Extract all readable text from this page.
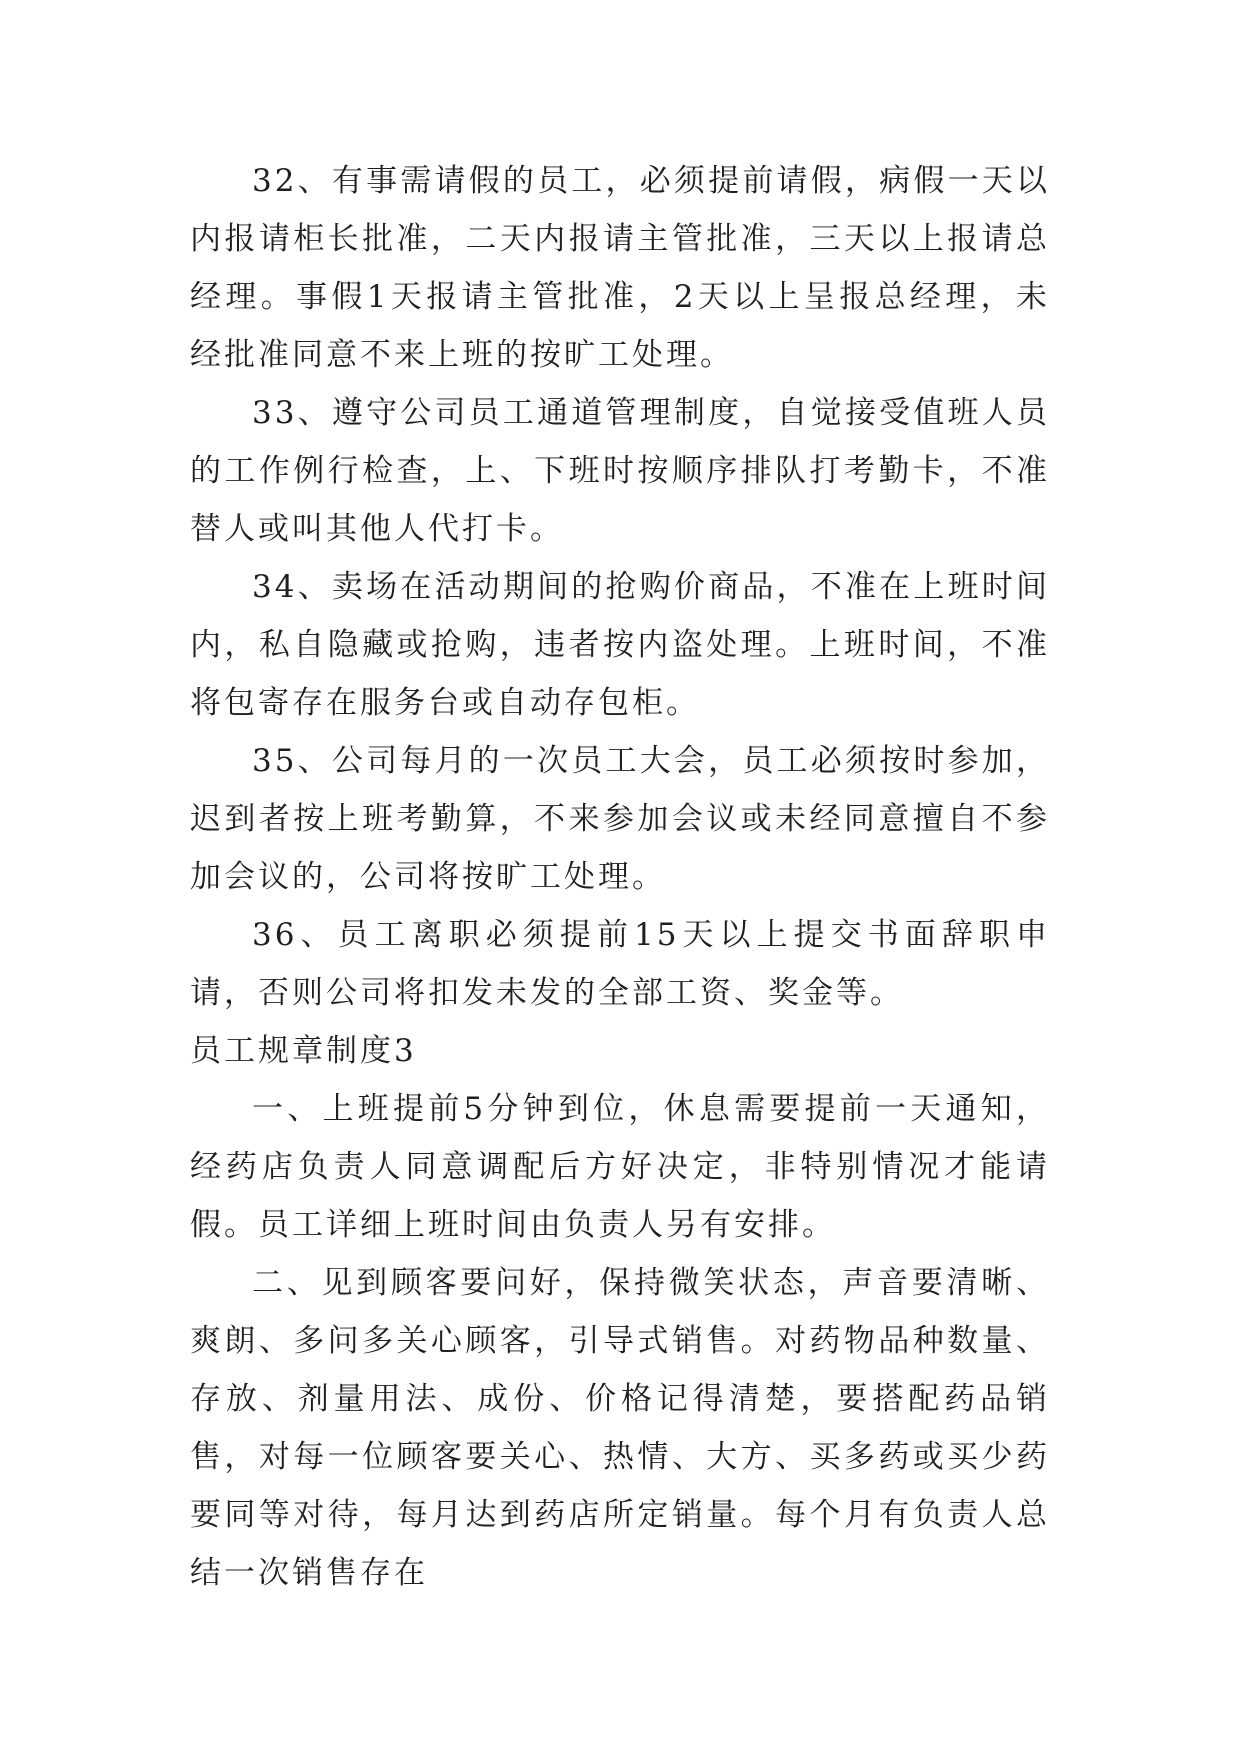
32、有事需请假的员工，必须提前请假，病假一天以内报请柜长批准，二天内报请主管批准，三天以上报请总经理。事假1天报请主管批准，2天以上呈报总经理，未经批准同意不来上班的按旷工处理。

33、遵守公司员工通道管理制度，自觉接受值班人员的工作例行检查，上、下班时按顺序排队打考勤卡，不准替人或叫其他人代打卡。

34、卖场在活动期间的抢购价商品，不准在上班时间内，私自隐藏或抢购，违者按内盗处理。上班时间，不准将包寄存在服务台或自动存包柜。

35、公司每月的一次员工大会，员工必须按时参加，迟到者按上班考勤算，不来参加会议或未经同意擅自不参加会议的，公司将按旷工处理。

36、员工离职必须提前15天以上提交书面辞职申请，否则公司将扣发未发的全部工资、奖金等。

员工规章制度3

一、上班提前5分钟到位，休息需要提前一天通知，经药店负责人同意调配后方好决定，非特别情况才能请假。员工详细上班时间由负责人另有安排。

二、见到顾客要问好，保持微笑状态，声音要清晰、爽朗、多问多关心顾客，引导式销售。对药物品种数量、存放、剂量用法、成份、价格记得清楚，要搭配药品销售，对每一位顾客要关心、热情、大方、买多药或买少药要同等对待，每月达到药店所定销量。每个月有负责人总结一次销售存在
